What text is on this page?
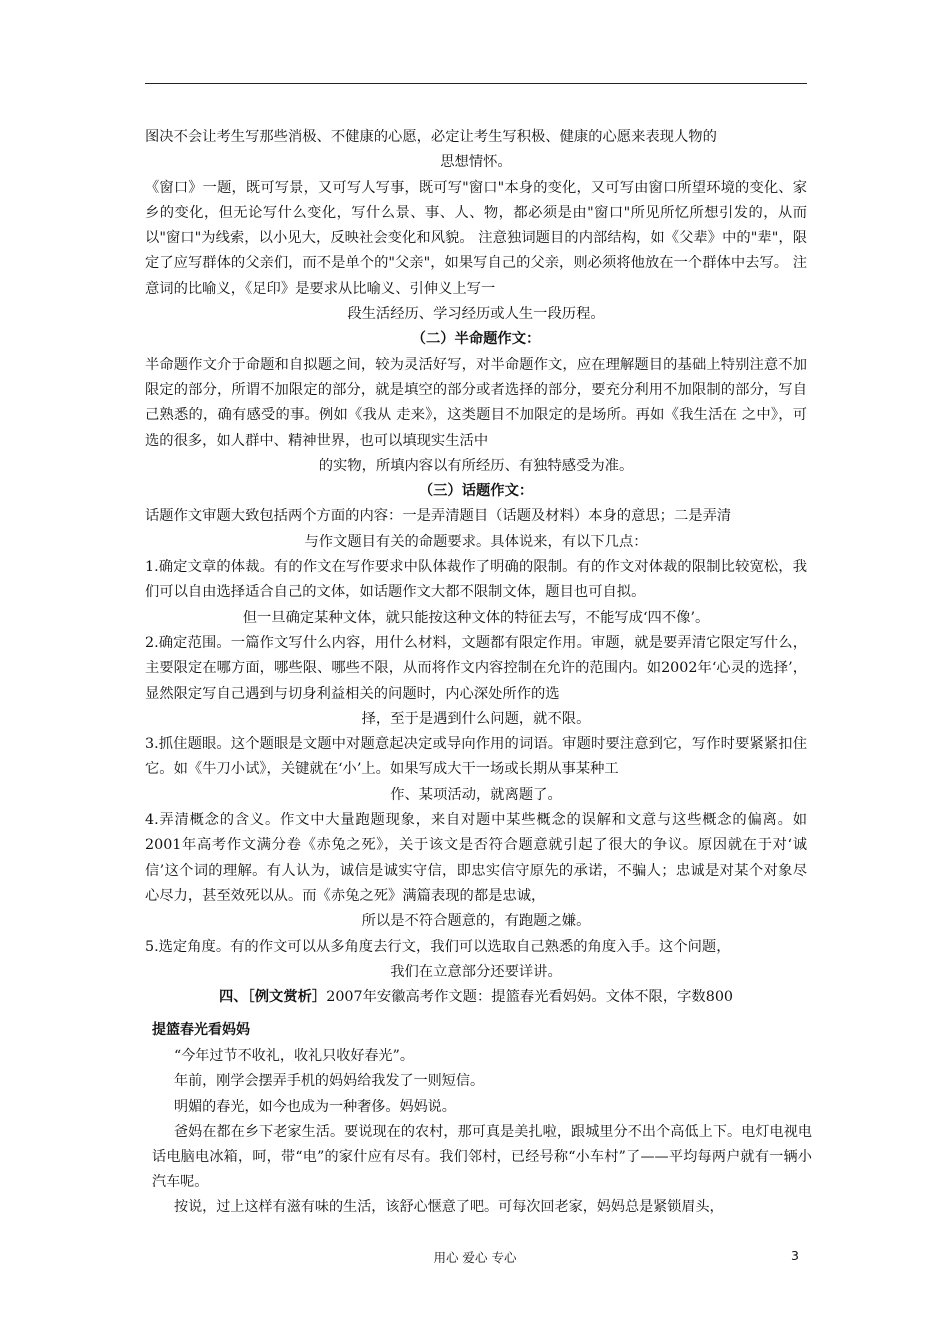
图决不会让考生写那些消极、不健康的心愿，必定让考生写积极、健康的心愿来表现人物的

思想情怀。

《窗口》一题，既可写景，又可写人写事，既可写"窗口"本身的变化，又可写由窗口所望环境的变化、家乡的变化，但无论写什么变化，写什么景、事、人、物，都必须是由"窗口"所见所忆所想引发的，从而以"窗口"为线索，以小见大，反映社会变化和风貌。 注意独词题目的内部结构，如《父辈》中的"辈"，限定了应写群体的父亲们，而不是单个的"父亲"，如果写自己的父亲，则必须将他放在一个群体中去写。 注意词的比喻义，《足印》是要求从比喻义、引伸义上写一

段生活经历、学习经历或人生一段历程。

（二）半命题作文：

半命题作文介于命题和自拟题之间，较为灵活好写，对半命题作文，应在理解题目的基础上特别注意不加限定的部分，所谓不加限定的部分，就是填空的部分或者选择的部分，要充分利用不加限制的部分，写自己熟悉的，确有感受的事。例如《我从 走来》，这类题目不加限定的是场所。再如《我生活在 之中》，可选的很多，如人群中、精神世界，也可以填现实生活中

的实物，所填内容以有所经历、有独特感受为准。

（三）话题作文：

话题作文审题大致包括两个方面的内容：一是弄清题目（话题及材料）本身的意思；二是弄清

与作文题目有关的命题要求。具体说来，有以下几点：

1.确定文章的体裁。有的作文在写作要求中队体裁作了明确的限制。有的作文对体裁的限制比较宽松，我们可以自由选择适合自己的文体，如话题作文大都不限制文体，题目也可自拟。

但一旦确定某种文体，就只能按这种文体的特征去写，不能写成‘四不像’。

2.确定范围。一篇作文写什么内容，用什么材料，文题都有限定作用。审题，就是要弄清它限定写什么，主要限定在哪方面，哪些限、哪些不限，从而将作文内容控制在允许的范围内。如2002年‘心灵的选择’，显然限定写自己遇到与切身利益相关的问题时，内心深处所作的选

择，至于是遇到什么问题，就不限。

3.抓住题眼。这个题眼是文题中对题意起决定或导向作用的词语。审题时要注意到它，写作时要紧紧扣住它。如《牛刀小试》，关键就在‘小’上。如果写成大干一场或长期从事某种工

作、某项活动，就离题了。

4.弄清概念的含义。作文中大量跑题现象，来自对题中某些概念的误解和文意与这些概念的偏离。如2001年高考作文满分卷《赤兔之死》，关于该文是否符合题意就引起了很大的争议。原因就在于对‘诚信’这个词的理解。有人认为，诚信是诚实守信，即忠实信守原先的承诺，不骗人；忠诚是对某个对象尽心尽力，甚至效死以从。而《赤兔之死》满篇表现的都是忠诚，

所以是不符合题意的，有跑题之嫌。

5.选定角度。有的作文可以从多角度去行文，我们可以选取自己熟悉的角度入手。这个问题，

我们在立意部分还要详讲。

四、［例文赏析］2007年安徽高考作文题：提篮春光看妈妈。文体不限，字数800

提篮春光看妈妈

“今年过节不收礼，收礼只收好春光”。

年前，刚学会摆弄手机的妈妈给我发了一则短信。

明媚的春光，如今也成为一种奢侈。妈妈说。

爸妈在都在乡下老家生活。要说现在的农村，那可真是美扎啦，跟城里分不出个高低上下。电灯电视电话电脑电冰箱，呵，带“电”的家什应有尽有。我们邻村，已经号称“小车村”了——平均每两户就有一辆小汽车呢。

按说，过上这样有滋有味的生活，该舒心惬意了吧。可每次回老家，妈妈总是紧锁眉头，

用心 爱心 专心	3
